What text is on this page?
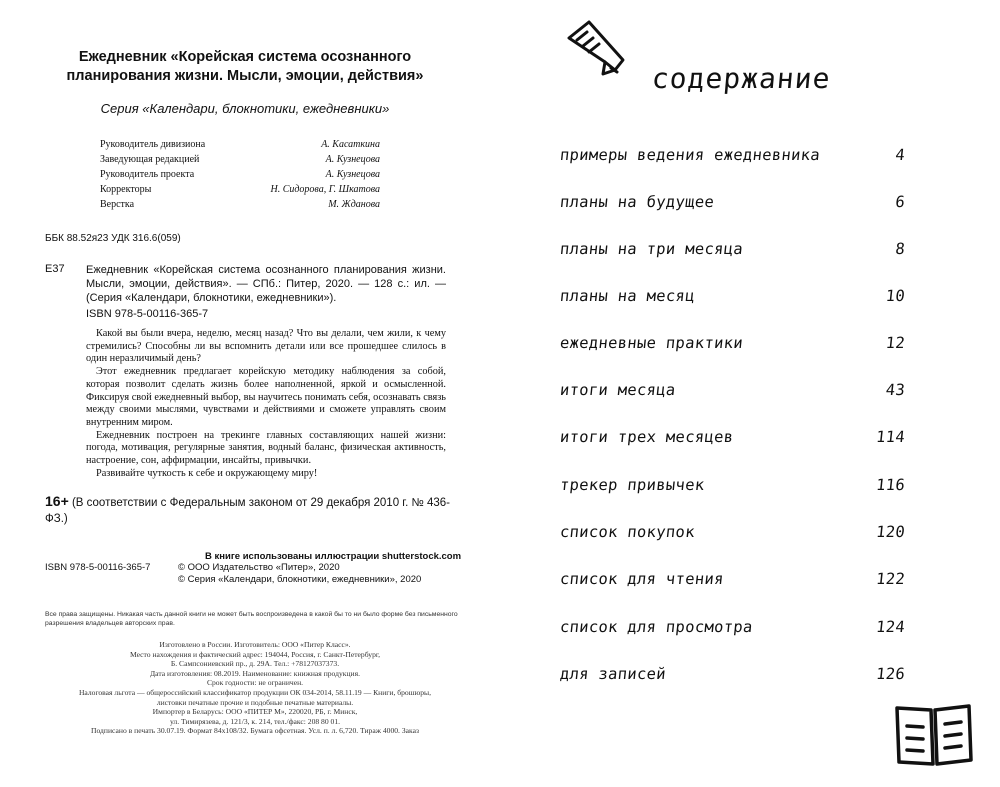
Ежедневник «Корейская система осознанного планирования жизни. Мысли, эмоции, действия»
Серия «Календари, блокнотики, ежедневники»
Руководитель дивизиона	А. Касаткина
Заведующая редакцией	А. Кузнецова
Руководитель проекта	А. Кузнецова
Корректоры	Н. Сидорова, Г. Шкатова
Верстка	М. Жданова
ББК 88.52я23 УДК 316.6(059)
Е37 Ежедневник «Корейская система осознанного планирования жизни. Мысли, эмоции, действия». — СПб.: Питер, 2020. — 128 с.: ил. — (Серия «Календари, блокнотики, ежедневники»).
ISBN 978-5-00116-365-7

Какой вы были вчера, неделю, месяц назад? Что вы делали, чем жили, к чему стремились? Способны ли вы вспомнить детали или все прошедшее слилось в один неразличимый день?

Этот ежедневник предлагает корейскую методику наблюдения за собой, которая позволит сделать жизнь более наполненной, яркой и осмысленной. Фиксируя свой ежедневный выбор, вы научитесь понимать себя, осознавать связь между своими мыслями, чувствами и действиями и сможете управлять своим внутренним миром.

Ежедневник построен на трекинге главных составляющих нашей жизни: погода, мотивация, регулярные занятия, водный баланс, физическая активность, настроение, сон, аффирмации, инсайты, привычки.

Развивайте чуткость к себе и окружающему миру!

16+ (В соответствии с Федеральным законом от 29 декабря 2010 г. № 436-ФЗ.)
В книге использованы иллюстрации shutterstock.com
ISBN 978-5-00116-365-7	© ООО Издательство «Питер», 2020
© Серия «Календари, блокнотики, ежедневники», 2020
Все права защищены. Никакая часть данной книги не может быть воспроизведена в какой бы то ни было форме без письменного разрешения владельцев авторских прав.
Изготовлено в России. Изготовитель: ООО «Питер Класс».
Место нахождения и фактический адрес: 194044, Россия, г. Санкт-Петербург,
Б. Сампсониевский пр., д. 29А. Тел.: +78127037373.
Дата изготовления: 08.2019. Наименование: книжная продукция.
Срок годности: не ограничен.
Налоговая льгота — общероссийский классификатор продукции ОК 034-2014, 58.11.19 — Книги, брошюры,
листовки печатные прочие и подобные печатные материалы.
Импортер в Беларусь: ООО «ПИТЕР М», 220020, РБ, г. Минск,
ул. Тимирязева, д. 121/3, к. 214, тел./факс: 208 80 01.
Подписано в печать 30.07.19. Формат 84х108/32. Бумага офсетная. Усл. п. л. 6,720. Тираж 4000. Заказ
содержание
примеры ведения ежедневника	4
планы на будущее	6
планы на три месяца	8
планы на месяц	10
ежедневные практики	12
итоги месяца	43
итоги трех месяцев	114
трекер привычек	116
список покупок	120
список для чтения	122
список для просмотра	124
для записей	126
